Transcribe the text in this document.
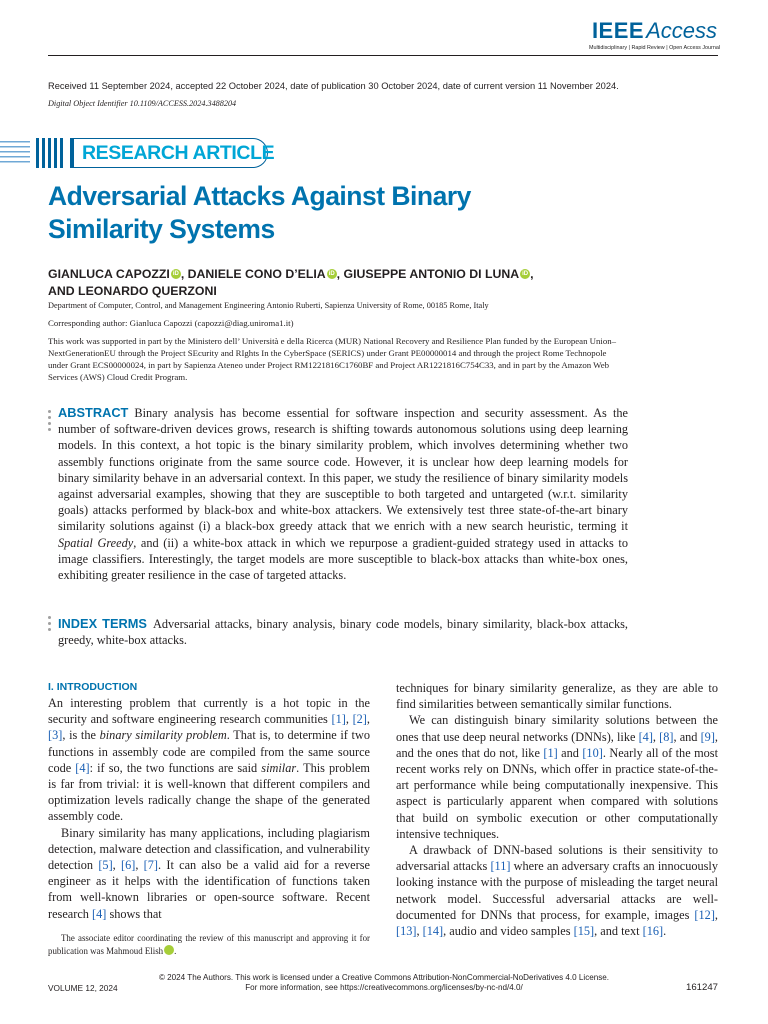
IEEEAccess
Multidisciplinary | Rapid Review | Open Access Journal
Received 11 September 2024, accepted 22 October 2024, date of publication 30 October 2024, date of current version 11 November 2024.
Digital Object Identifier 10.1109/ACCESS.2024.3488204
RESEARCH ARTICLE
Adversarial Attacks Against Binary
Similarity Systems
GIANLUCA CAPOZZI iD , DANIELE CONO D’ELIA iD , GIUSEPPE ANTONIO DI LUNA iD ,
AND LEONARDO QUERZONI
Department of Computer, Control, and Management Engineering Antonio Ruberti, Sapienza University of Rome, 00185 Rome, Italy
Corresponding author: Gianluca Capozzi (capozzi@diag.uniroma1.it)
This work was supported in part by the Ministero dell’ Università e della Ricerca (MUR) National Recovery and Resilience Plan funded by the European Union–NextGenerationEU through the Project SEcurity and RIghts In the CyberSpace (SERICS) under Grant PE00000014 and through the project Rome Technopole under Grant ECS00000024, in part by Sapienza Ateneo under Project RM1221816C1760BF and Project AR1221816C754C33, and in part by the Amazon Web Services (AWS) Cloud Credit Program.
ABSTRACT Binary analysis has become essential for software inspection and security assessment. As the number of software-driven devices grows, research is shifting towards autonomous solutions using deep learning models. In this context, a hot topic is the binary similarity problem, which involves determining whether two assembly functions originate from the same source code. However, it is unclear how deep learning models for binary similarity behave in an adversarial context. In this paper, we study the resilience of binary similarity models against adversarial examples, showing that they are susceptible to both targeted and untargeted (w.r.t. similarity goals) attacks performed by black-box and white-box attackers. We extensively test three state-of-the-art binary similarity solutions against (i) a black-box greedy attack that we enrich with a new search heuristic, terming it Spatial Greedy, and (ii) a white-box attack in which we repurpose a gradient-guided strategy used in attacks to image classifiers. Interestingly, the target models are more susceptible to black-box attacks than white-box ones, exhibiting greater resilience in the case of targeted attacks.
INDEX TERMS Adversarial attacks, binary analysis, binary code models, binary similarity, black-box attacks, greedy, white-box attacks.
I. INTRODUCTION

An interesting problem that currently is a hot topic in the security and software engineering research communities [1], [2], [3], is the binary similarity problem. That is, to determine if two functions in assembly code are compiled from the same source code [4]: if so, the two functions are said similar. This problem is far from trivial: it is well-known that different compilers and optimization levels radically change the shape of the generated assembly code.

Binary similarity has many applications, including plagiarism detection, malware detection and classification, and vulnerability detection [5], [6], [7]. It can also be a valid aid for a reverse engineer as it helps with the identification of functions taken from well-known libraries or open-source software. Recent research [4] shows that

The associate editor coordinating the review of this manuscript and approving it for publication was Mahmoud Elish iD.

techniques for binary similarity generalize, as they are able to find similarities between semantically similar functions.

We can distinguish binary similarity solutions between the ones that use deep neural networks (DNNs), like [4], [8], and [9], and the ones that do not, like [1] and [10]. Nearly all of the most recent works rely on DNNs, which offer in practice state-of-the-art performance while being computationally inexpensive. This aspect is particularly apparent when compared with solutions that build on symbolic execution or other computationally intensive techniques.

A drawback of DNN-based solutions is their sensitivity to adversarial attacks [11] where an adversary crafts an innocuously looking instance with the purpose of misleading the target neural network model. Successful adversarial attacks are well-documented for DNNs that process, for example, images [12], [13], [14], audio and video samples [15], and text [16].

© 2024 The Authors. This work is licensed under a Creative Commons Attribution-NonCommercial-NoDerivatives 4.0 License.
For more information, see https://creativecommons.org/licenses/by-nc-nd/4.0/
VOLUME 12, 2024	161247
